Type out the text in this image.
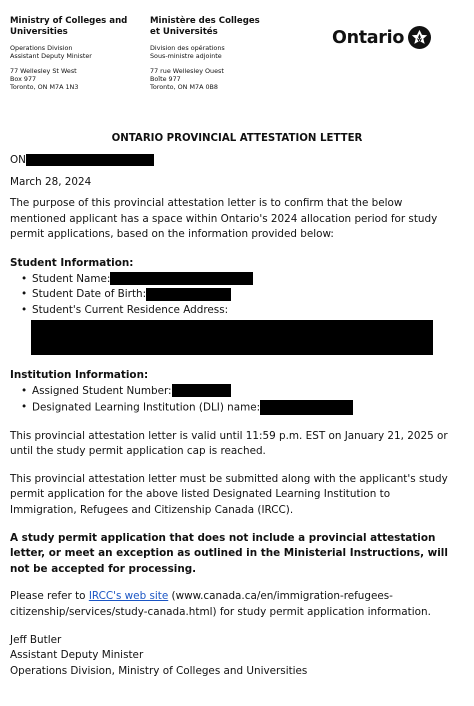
Ministry of Colleges and
Universities
Operations Division
Assistant Deputy Minister
77 Wellesley St West
Box 977
Toronto, ON M7A 1N3
Ministère des Colleges
et Universités
Division des opérations
Sous-ministre adjointe
77 rue Wellesley Ouest
Boîte 977
Toronto, ON M7A 0B8
Ontario
ONTARIO PROVINCIAL ATTESTATION LETTER

ON

March 28, 2024

The purpose of this provincial attestation letter is to confirm that the below mentioned applicant has a space within Ontario's 2024 allocation period for study permit applications, based on the information provided below:

Student Information:

• Student Name:
• Student Date of Birth:
• Student's Current Residence Address:

Institution Information:

• Assigned Student Number:
• Designated Learning Institution (DLI) name:

This provincial attestation letter is valid until 11:59 p.m. EST on January 21, 2025 or until the study permit application cap is reached.

This provincial attestation letter must be submitted along with the applicant's study permit application for the above listed Designated Learning Institution to Immigration, Refugees and Citizenship Canada (IRCC).

A study permit application that does not include a provincial attestation letter, or meet an exception as outlined in the Ministerial Instructions, will not be accepted for processing.

Please refer to IRCC's web site (www.canada.ca/en/immigration-refugees-citizenship/services/study-canada.html) for study permit application information.

Jeff Butler

Assistant Deputy Minister

Operations Division, Ministry of Colleges and Universities
